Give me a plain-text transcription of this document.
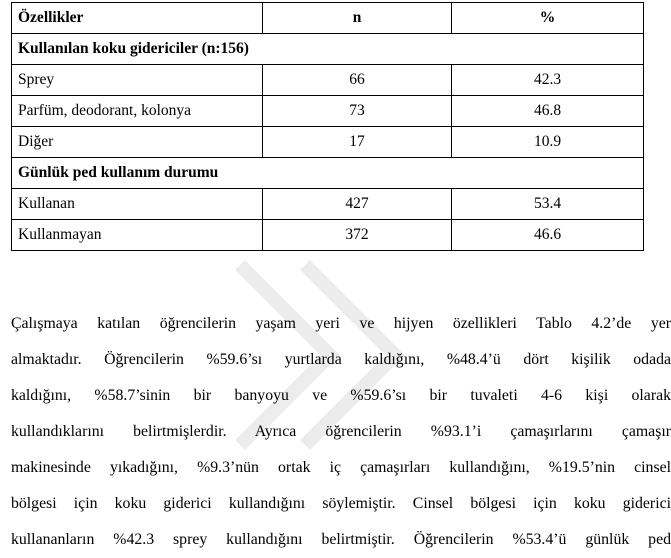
Özellikler	n	%
Kullanılan koku gidericiler (n:156)		
Sprey	66	42.3
Parfüm, deodorant, kolonya	73	46.8
Diğer	17	10.9
Günlük ped kullanım durumu		
Kullanan	427	53.4
Kullanmayan	372	46.6

Çalışmaya katılan öğrencilerin yaşam yeri ve hijyen özellikleri Tablo 4.2’de yer
almaktadır. Öğrencilerin %59.6’sı yurtlarda kaldığını, %48.4’ü dört kişilik odada
kaldığını, %58.7’sinin bir banyoyu ve %59.6’sı bir tuvaleti 4-6 kişi olarak
kullandıklarını belirtmişlerdir. Ayrıca öğrencilerin %93.1’i çamaşırlarını çamaşır
makinesinde yıkadığını, %9.3’nün ortak iç çamaşırları kullandığını, %19.5’nin cinsel
bölgesi için koku giderici kullandığını söylemiştir. Cinsel bölgesi için koku giderici
kullananların %42.3 sprey kullandığını belirtmiştir. Öğrencilerin %53.4’ü günlük ped
